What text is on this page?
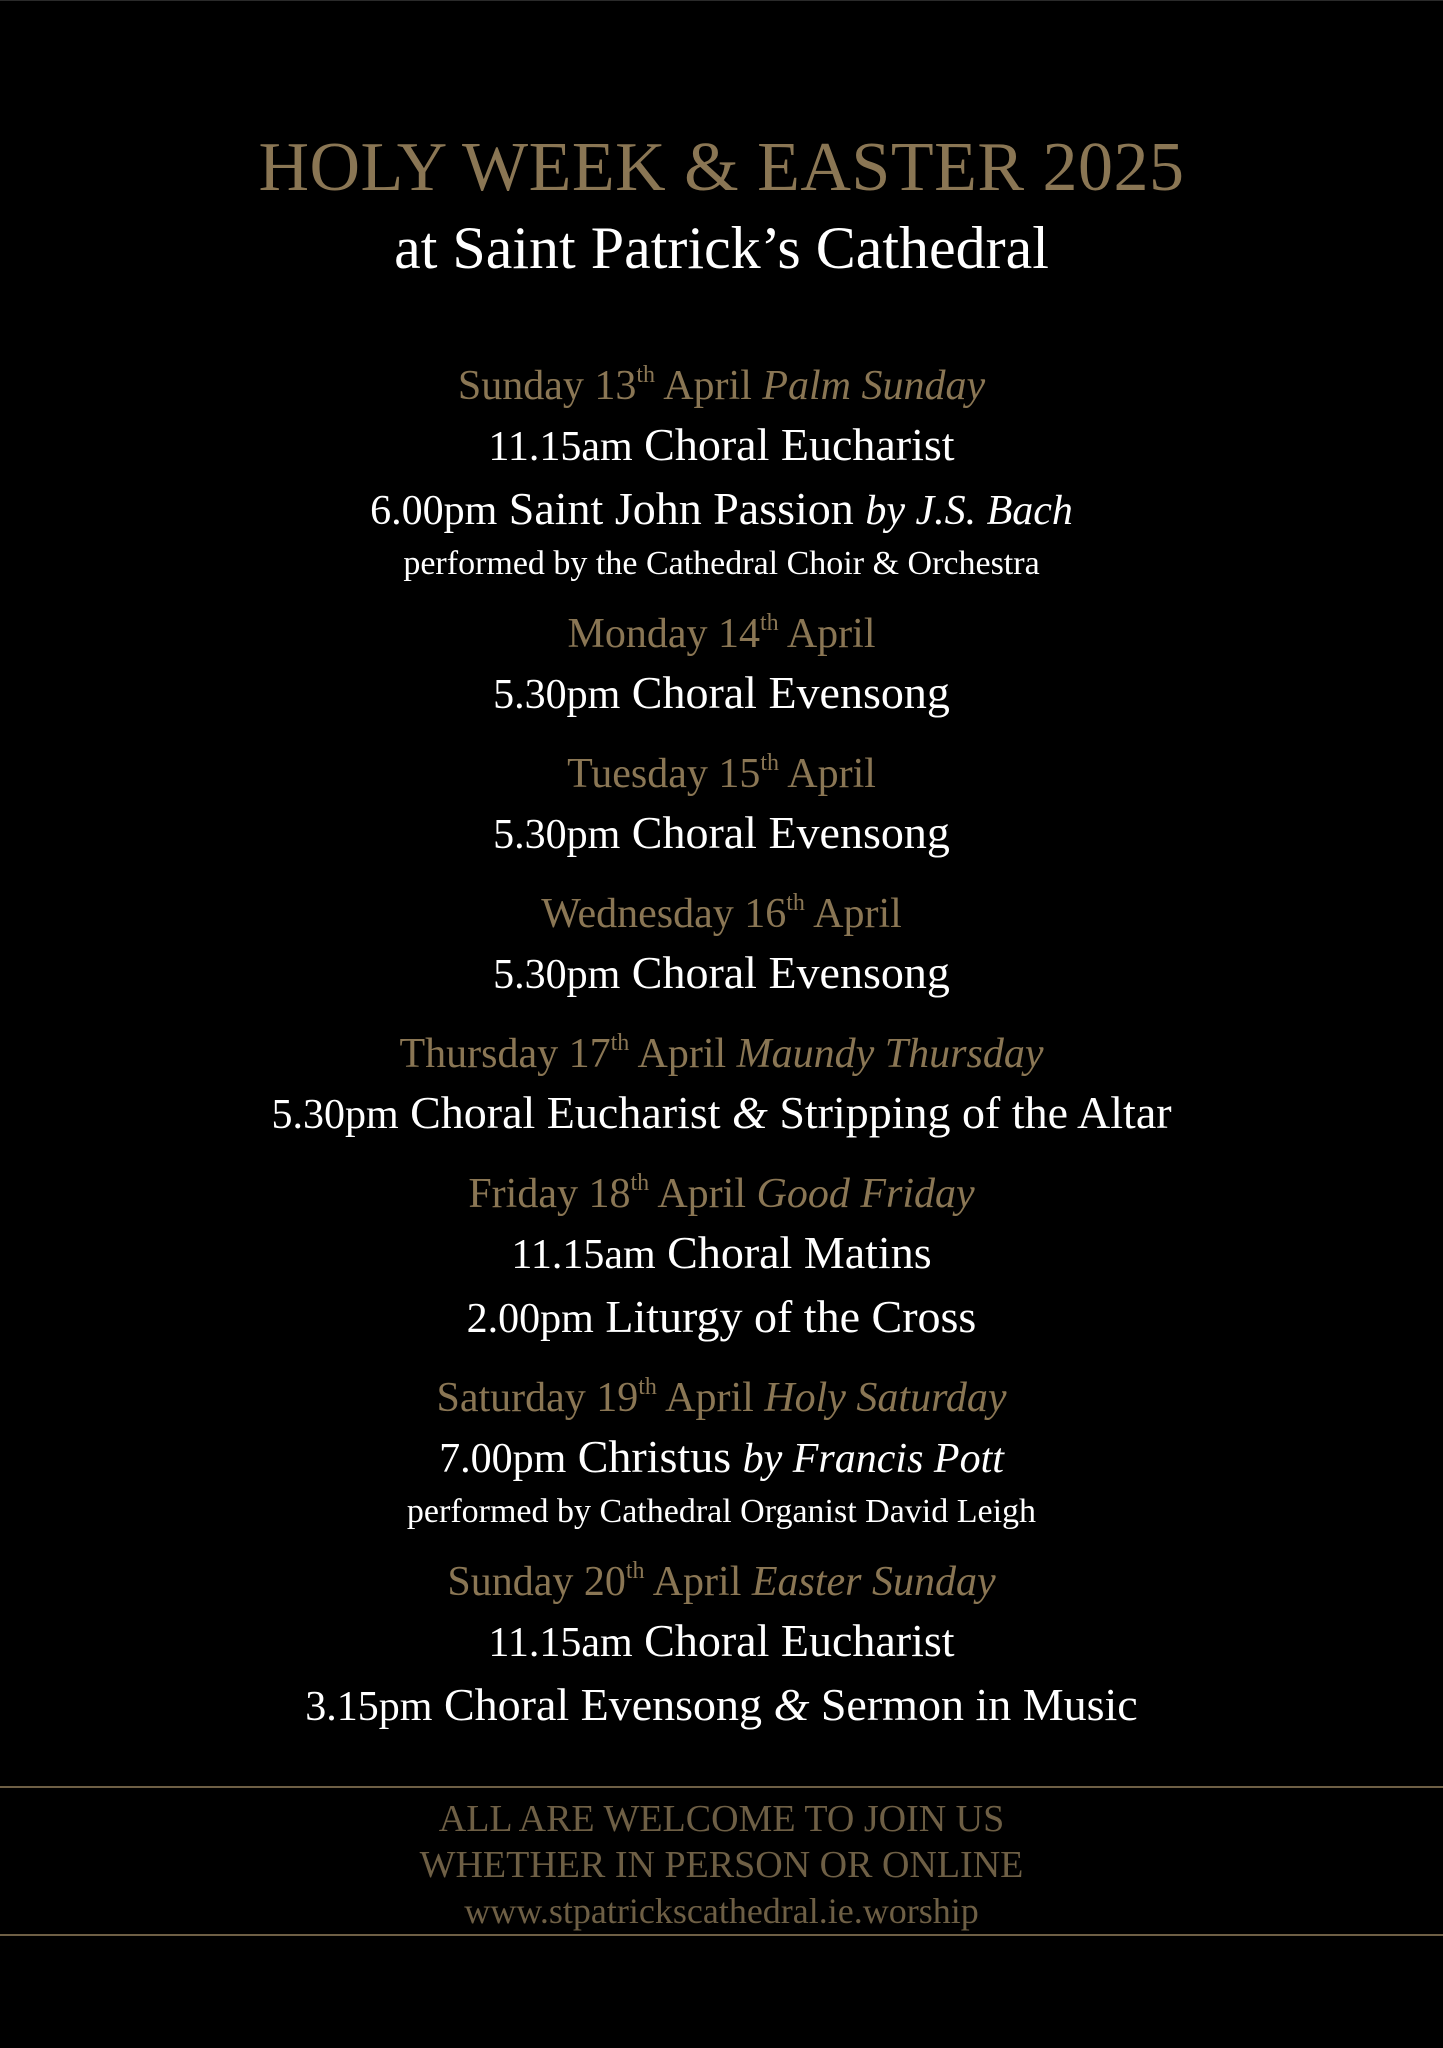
HOLY WEEK & EASTER 2025
at Saint Patrick’s Cathedral
Sunday 13th April Palm Sunday
11.15am Choral Eucharist
6.00pm Saint John Passion by J.S. Bach
performed by the Cathedral Choir & Orchestra
Monday 14th April
5.30pm Choral Evensong
Tuesday 15th April
5.30pm Choral Evensong
Wednesday 16th April
5.30pm Choral Evensong
Thursday 17th April Maundy Thursday
5.30pm Choral Eucharist & Stripping of the Altar
Friday 18th April Good Friday
11.15am Choral Matins
2.00pm Liturgy of the Cross
Saturday 19th April Holy Saturday
7.00pm Christus by Francis Pott
performed by Cathedral Organist David Leigh
Sunday 20th April Easter Sunday
11.15am Choral Eucharist
3.15pm Choral Evensong & Sermon in Music
ALL ARE WELCOME TO JOIN US
WHETHER IN PERSON OR ONLINE
www.stpatrickscathedral.ie.worship
